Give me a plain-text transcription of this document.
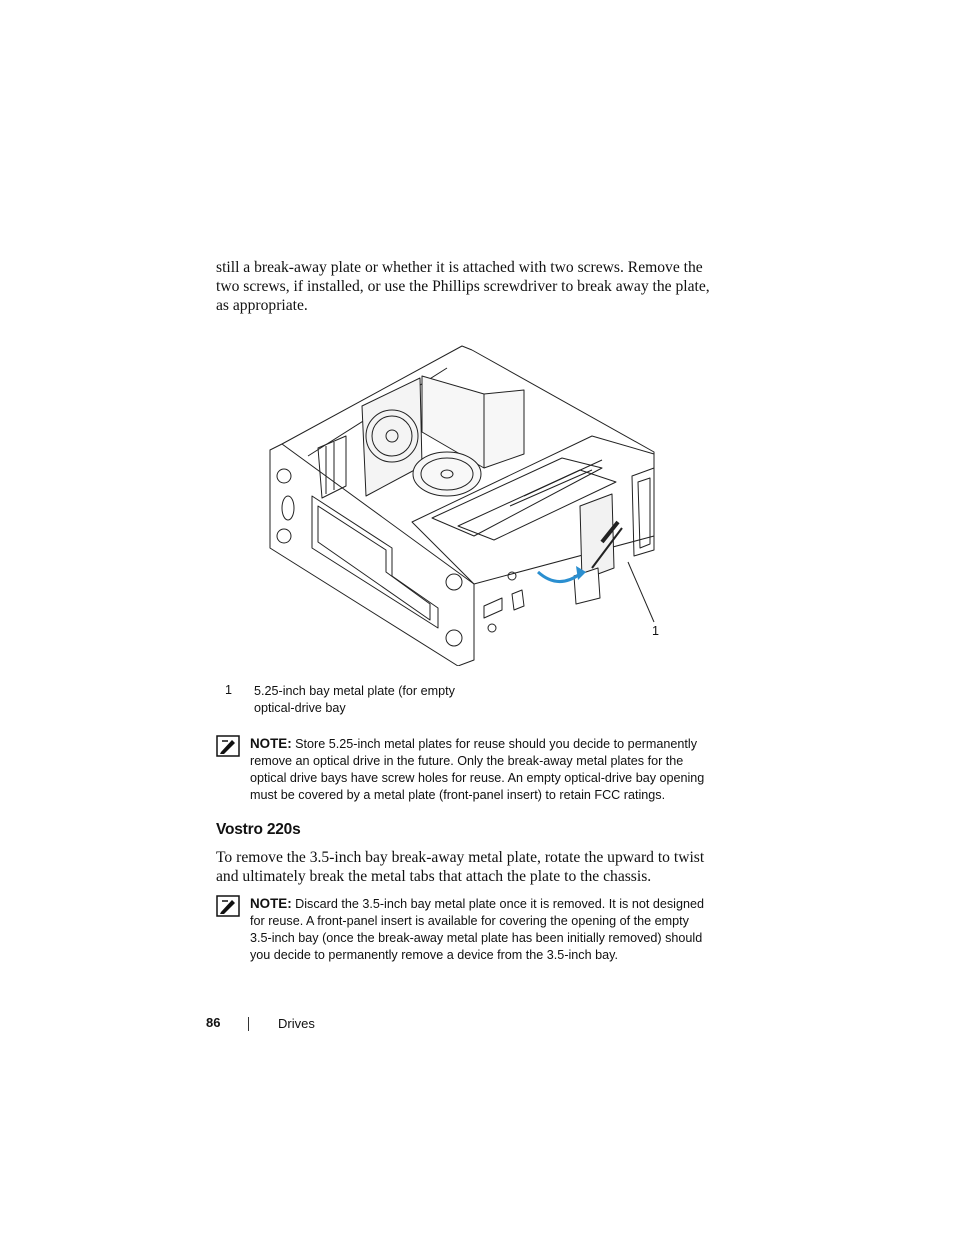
still a break-away plate or whether it is attached with two screws. Remove the two screws, if installed, or use the Phillips screwdriver to break away the plate, as appropriate.

1
1 5.25-inch bay metal plate (for empty optical-drive bay
NOTE: Store 5.25-inch metal plates for reuse should you decide to permanently remove an optical drive in the future. Only the break-away metal plates for the optical drive bays have screw holes for reuse. An empty optical-drive bay opening must be covered by a metal plate (front-panel insert) to retain FCC ratings.
Vostro 220s

To remove the 3.5-inch bay break-away metal plate, rotate the upward to twist and ultimately break the metal tabs that attach the plate to the chassis.

NOTE: Discard the 3.5-inch bay metal plate once it is removed. It is not designed for reuse. A front-panel insert is available for covering the opening of the empty 3.5-inch bay (once the break-away metal plate has been initially removed) should you decide to permanently remove a device from the 3.5-inch bay.
86	Drives
